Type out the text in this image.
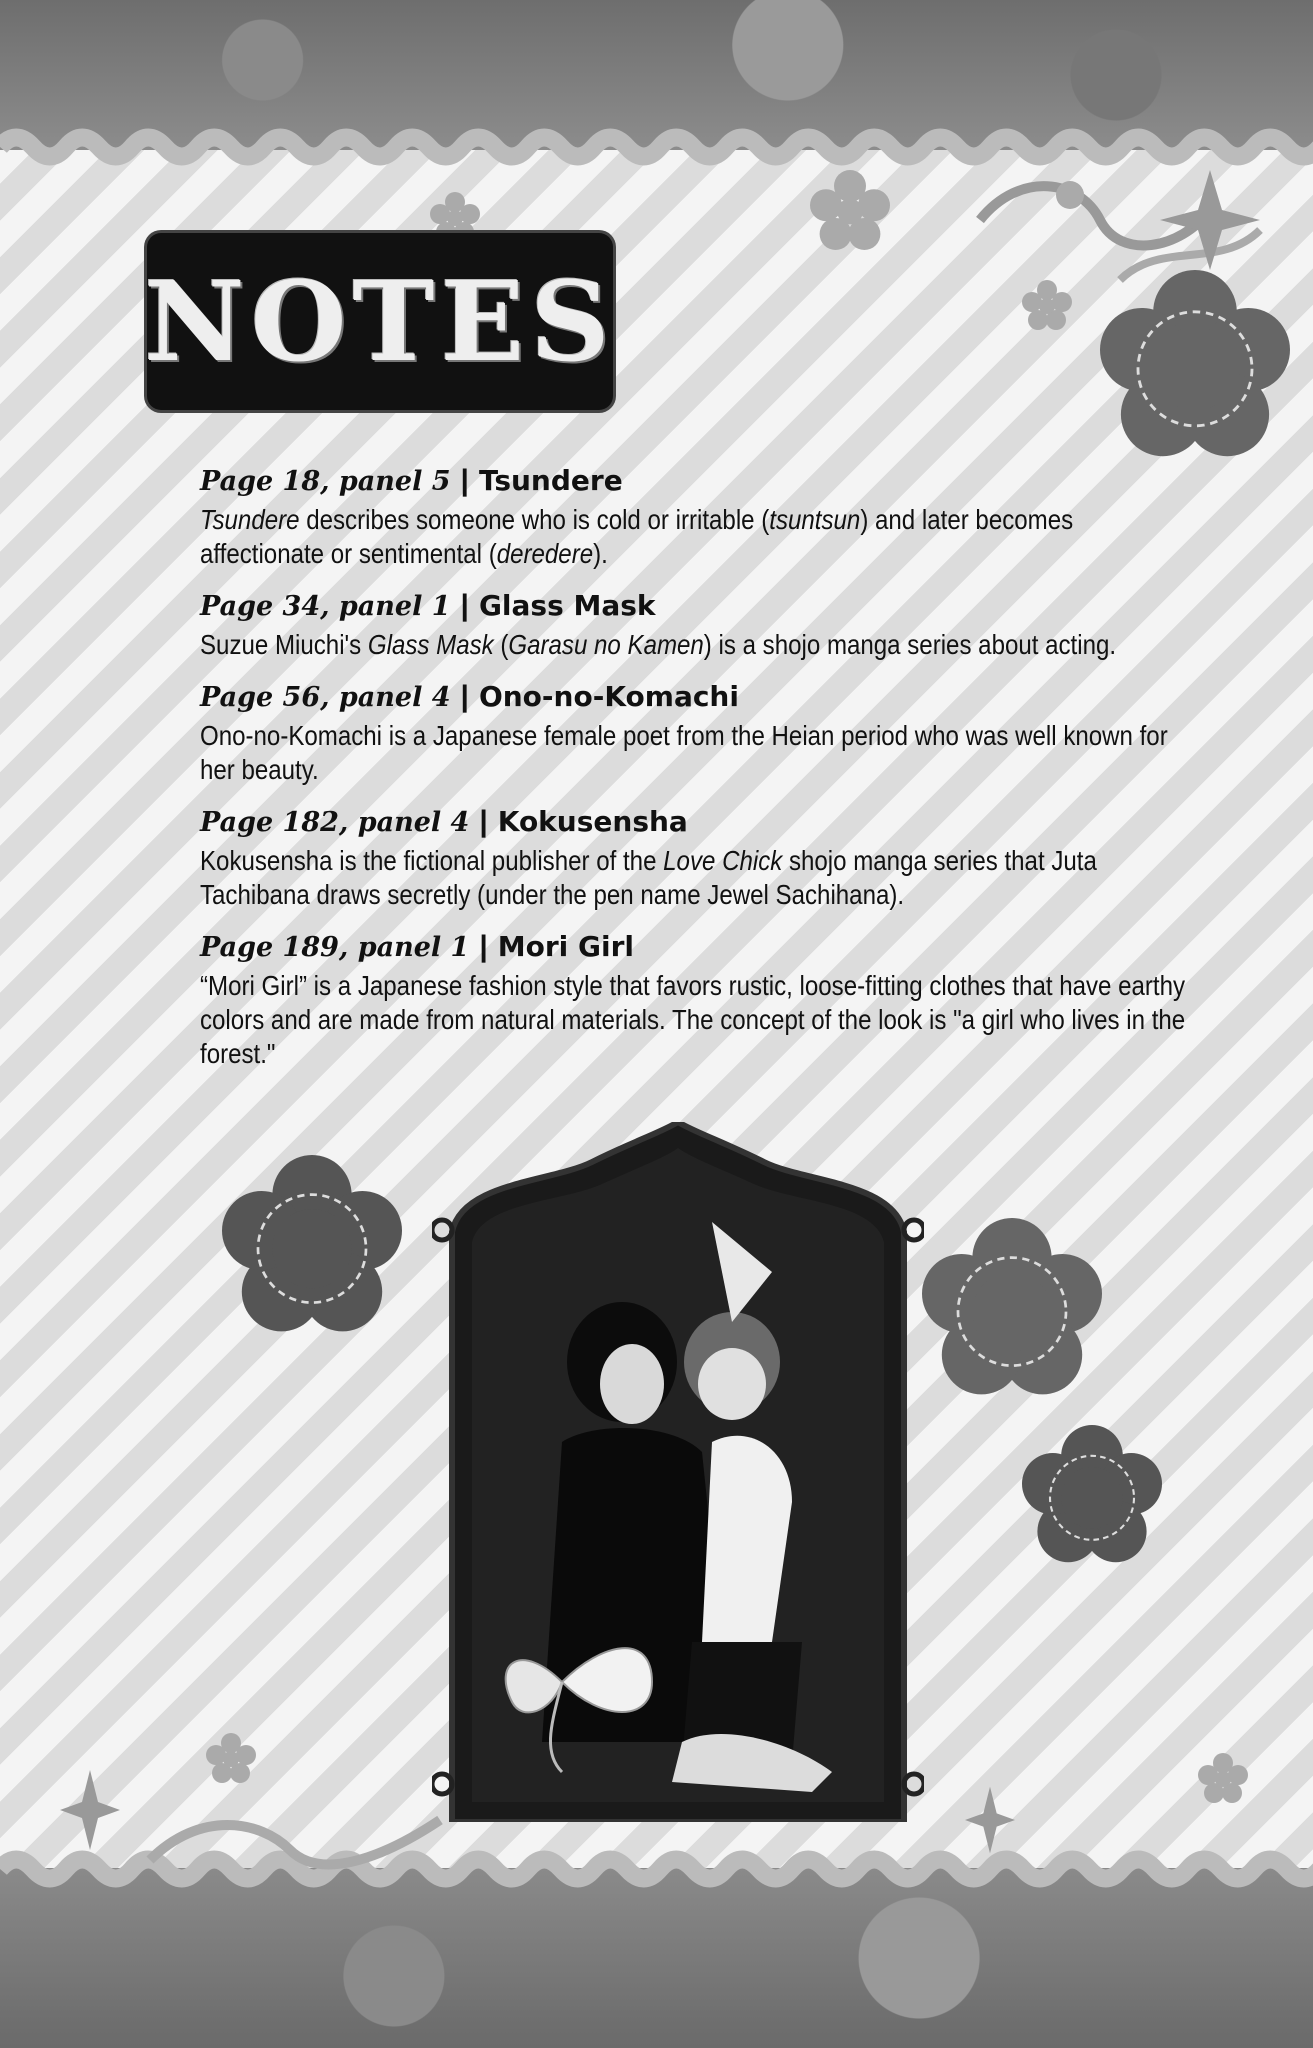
NOTES
Page 18, panel 5 | Tsundere
Tsundere describes someone who is cold or irritable (tsuntsun) and later becomes affectionate or sentimental (deredere).
Page 34, panel 1 | Glass Mask
Suzue Miuchi's Glass Mask (Garasu no Kamen) is a shojo manga series about acting.
Page 56, panel 4 | Ono-no-Komachi
Ono-no-Komachi is a Japanese female poet from the Heian period who was well known for her beauty.
Page 182, panel 4 | Kokusensha
Kokusensha is the fictional publisher of the Love Chick shojo manga series that Juta Tachibana draws secretly (under the pen name Jewel Sachihana).
Page 189, panel 1 | Mori Girl
“Mori Girl” is a Japanese fashion style that favors rustic, loose-fitting clothes that have earthy colors and are made from natural materials. The concept of the look is "a girl who lives in the forest."
